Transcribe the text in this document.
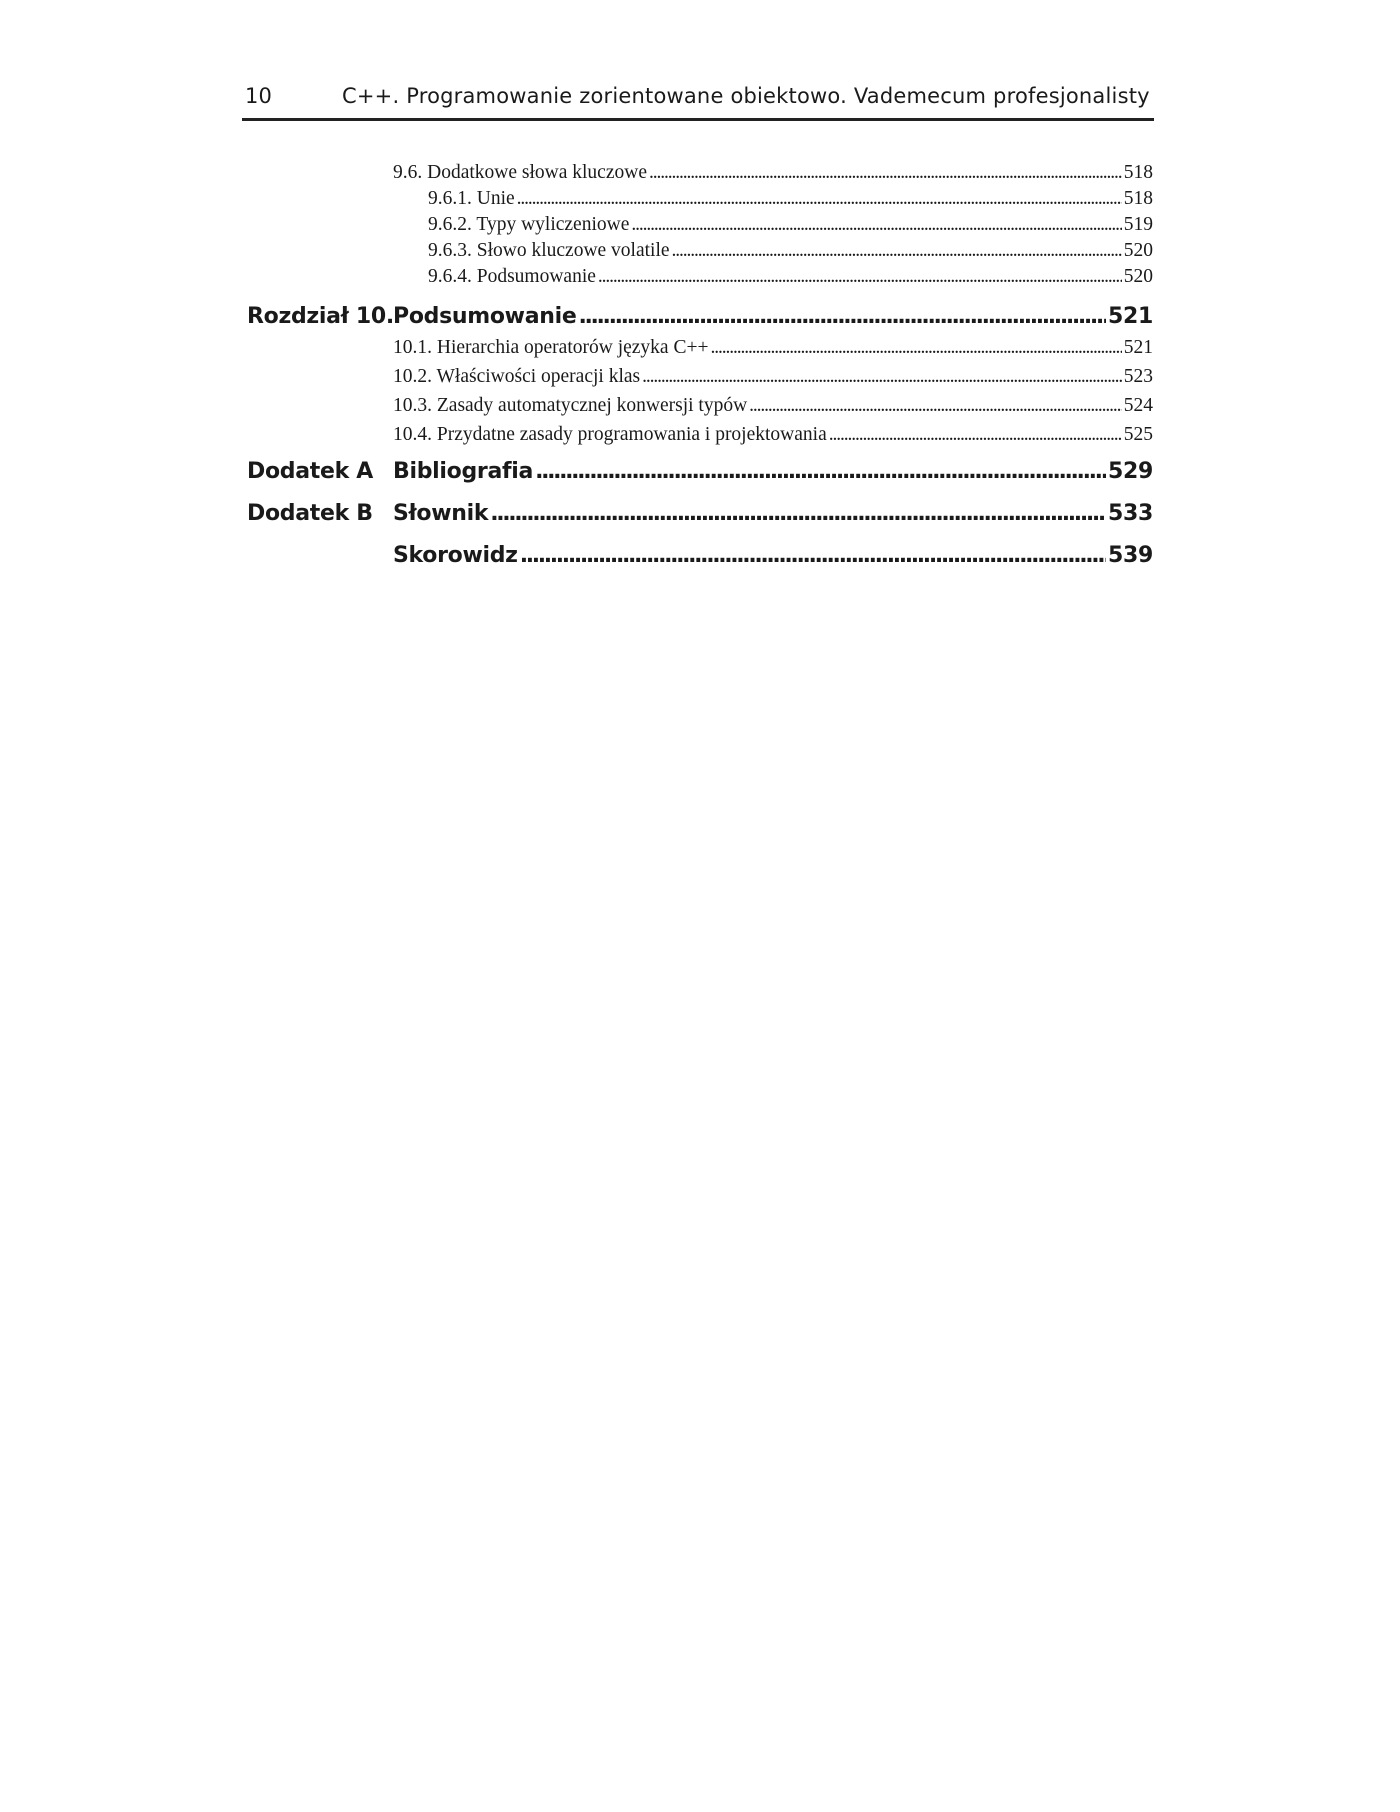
10	C++. Programowanie zorientowane obiektowo. Vademecum profesjonalisty
9.6. Dodatkowe słowa kluczowe . . .	518
9.6.1. Unie . . .	518
9.6.2. Typy wyliczeniowe . . .	519
9.6.3. Słowo kluczowe volatile . . .	520
9.6.4. Podsumowanie . . .	520
Rozdział 10. Podsumowanie . . .	521
10.1. Hierarchia operatorów języka C++ . . .	521
10.2. Właściwości operacji klas . . .	523
10.3. Zasady automatycznej konwersji typów . . .	524
10.4. Przydatne zasady programowania i projektowania . . .	525
Dodatek A Bibliografia . . .	529
Dodatek B Słownik . . .	533
Skorowidz . . .	539
